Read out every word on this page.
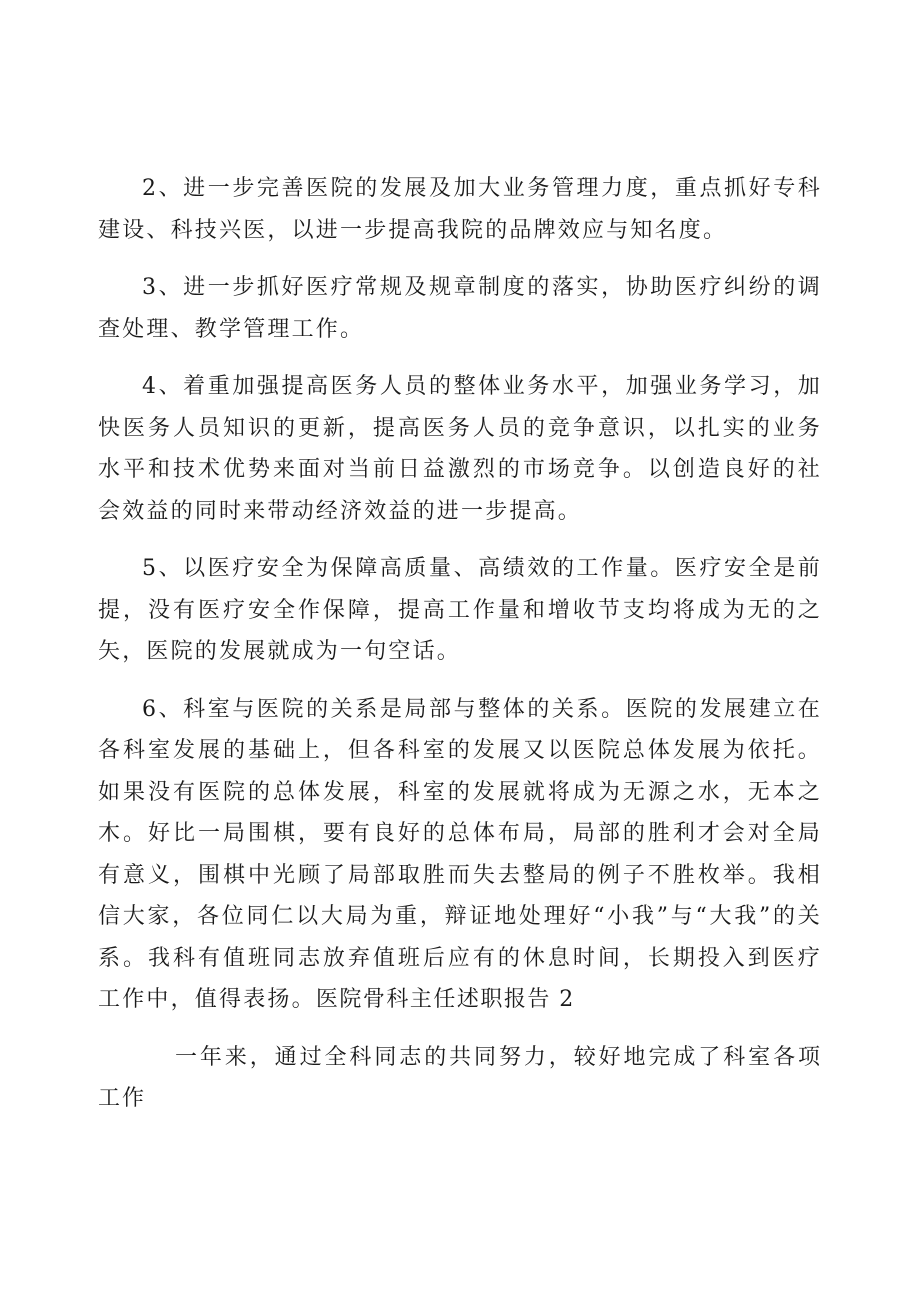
2、进一步完善医院的发展及加大业务管理力度，重点抓好专科建设、科技兴医，以进一步提高我院的品牌效应与知名度。

3、进一步抓好医疗常规及规章制度的落实，协助医疗纠纷的调查处理、教学管理工作。

4、着重加强提高医务人员的整体业务水平，加强业务学习，加快医务人员知识的更新，提高医务人员的竞争意识，以扎实的业务水平和技术优势来面对当前日益激烈的市场竞争。以创造良好的社会效益的同时来带动经济效益的进一步提高。

5、以医疗安全为保障高质量、高绩效的工作量。医疗安全是前提，没有医疗安全作保障，提高工作量和增收节支均将成为无的之矢，医院的发展就成为一句空话。

6、科室与医院的关系是局部与整体的关系。医院的发展建立在各科室发展的基础上，但各科室的发展又以医院总体发展为依托。如果没有医院的总体发展，科室的发展就将成为无源之水，无本之木。好比一局围棋，要有良好的总体布局，局部的胜利才会对全局有意义，围棋中光顾了局部取胜而失去整局的例子不胜枚举。我相信大家，各位同仁以大局为重，辩证地处理好“小我”与“大我”的关系。我科有值班同志放弃值班后应有的休息时间，长期投入到医疗工作中，值得表扬。医院骨科主任述职报告 2

一年来，通过全科同志的共同努力，较好地完成了科室各项工作
